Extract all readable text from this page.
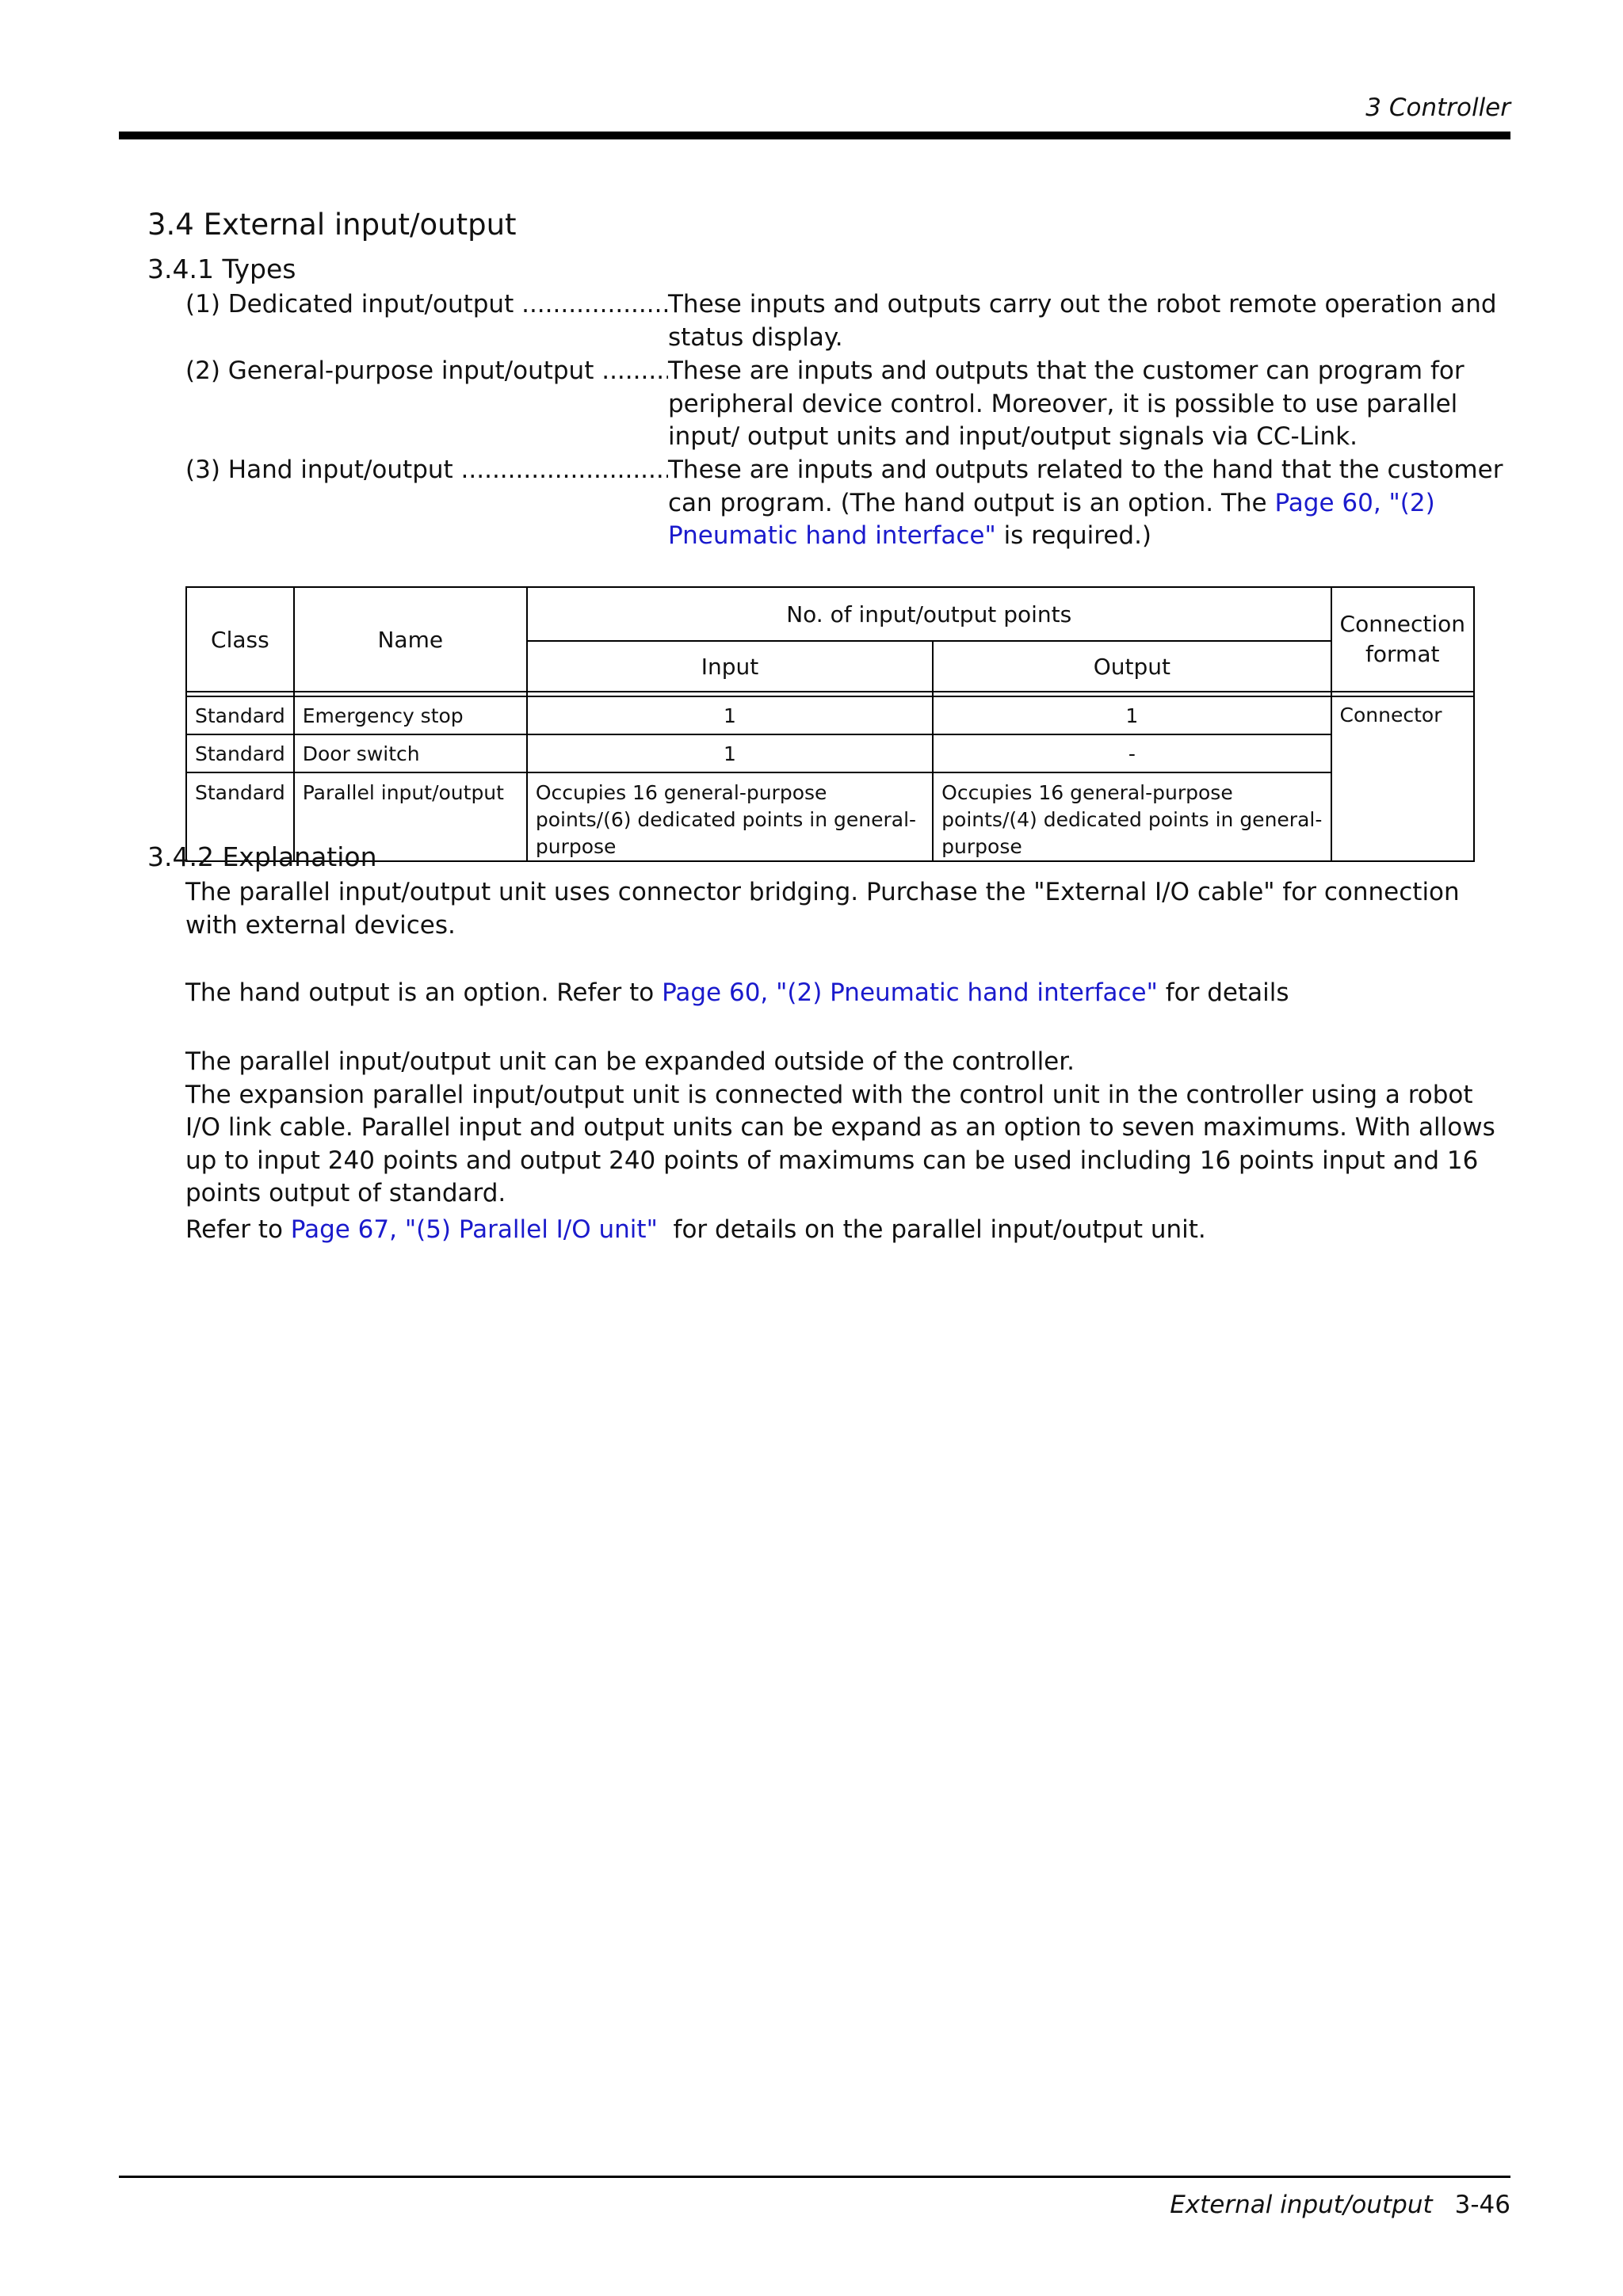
3 Controller
3.4 External input/output
3.4.1 Types
(1) Dedicated input/output .....	These inputs and outputs carry out the robot remote operation and status display.
(2) General-purpose input/output .....	These are inputs and outputs that the customer can program for peripheral device control. Moreover, it is possible to use parallel input/ output units and input/output signals via CC-Link.
(3) Hand input/output .....	These are inputs and outputs related to the hand that the customer can program. (The hand output is an option. The Page 60, "(2) Pneumatic hand interface" is required.)
Class	Name	No. of input/output points		Connection format
		Input	Output	

Standard	Emergency stop	1	1	Connector
Standard	Door switch	1	-	
Standard	Parallel input/output	Occupies 16 general-purpose points/(6) dedicated points in general-purpose	Occupies 16 general-purpose points/(4) dedicated points in general-purpose	
3.4.2 Explanation
The parallel input/output unit uses connector bridging. Purchase the "External I/O cable" for connection with external devices.
The hand output is an option. Refer to Page 60, "(2) Pneumatic hand interface" for details
The parallel input/output unit can be expanded outside of the controller.
The expansion parallel input/output unit is connected with the control unit in the controller using a robot I/O link cable. Parallel input and output units can be expand as an option to seven maximums. With allows up to input 240 points and output 240 points of maximums can be used including 16 points input and 16 points output of standard.
Refer to Page 67, "(5) Parallel I/O unit"  for details on the parallel input/output unit.
External input/output 3-46
